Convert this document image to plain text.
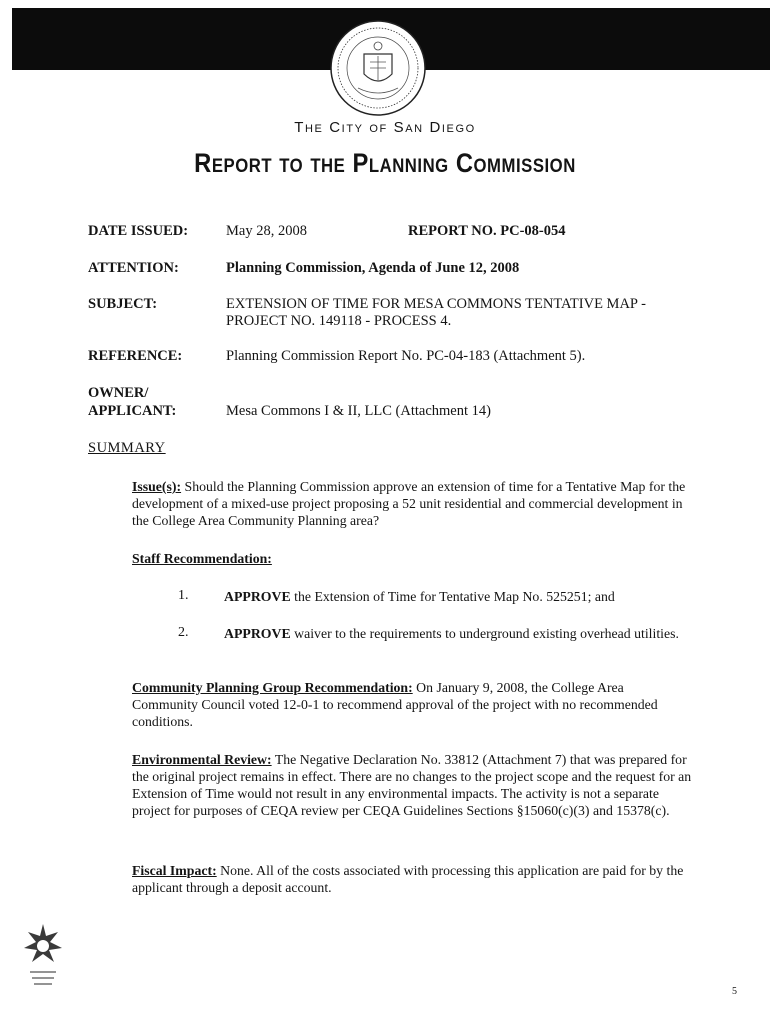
The City of San Diego
Report to the Planning Commission
DATE ISSUED:	May 28, 2008	REPORT NO. PC-08-054
ATTENTION:	Planning Commission, Agenda of June 12, 2008
SUBJECT:	EXTENSION OF TIME FOR MESA COMMONS TENTATIVE MAP -
PROJECT NO. 149118 - PROCESS 4.
REFERENCE:	Planning Commission Report No. PC-04-183 (Attachment 5).
OWNER/
APPLICANT:	Mesa Commons I & II, LLC (Attachment 14)
SUMMARY
Issue(s): Should the Planning Commission approve an extension of time for a Tentative Map for the development of a mixed-use project proposing a 52 unit residential and commercial development in the College Area Community Planning area?
Staff Recommendation:
1.	APPROVE the Extension of Time for Tentative Map No. 525251; and
2.	APPROVE waiver to the requirements to underground existing overhead utilities.
Community Planning Group Recommendation: On January 9, 2008, the College Area Community Council voted 12-0-1 to recommend approval of the project with no recommended conditions.
Environmental Review: The Negative Declaration No. 33812 (Attachment 7) that was prepared for the original project remains in effect. There are no changes to the project scope and the request for an Extension of Time would not result in any environmental impacts. The activity is not a separate project for purposes of CEQA review per CEQA Guidelines Sections §15060(c)(3) and 15378(c).
Fiscal Impact: None. All of the costs associated with processing this application are paid for by the applicant through a deposit account.
5
